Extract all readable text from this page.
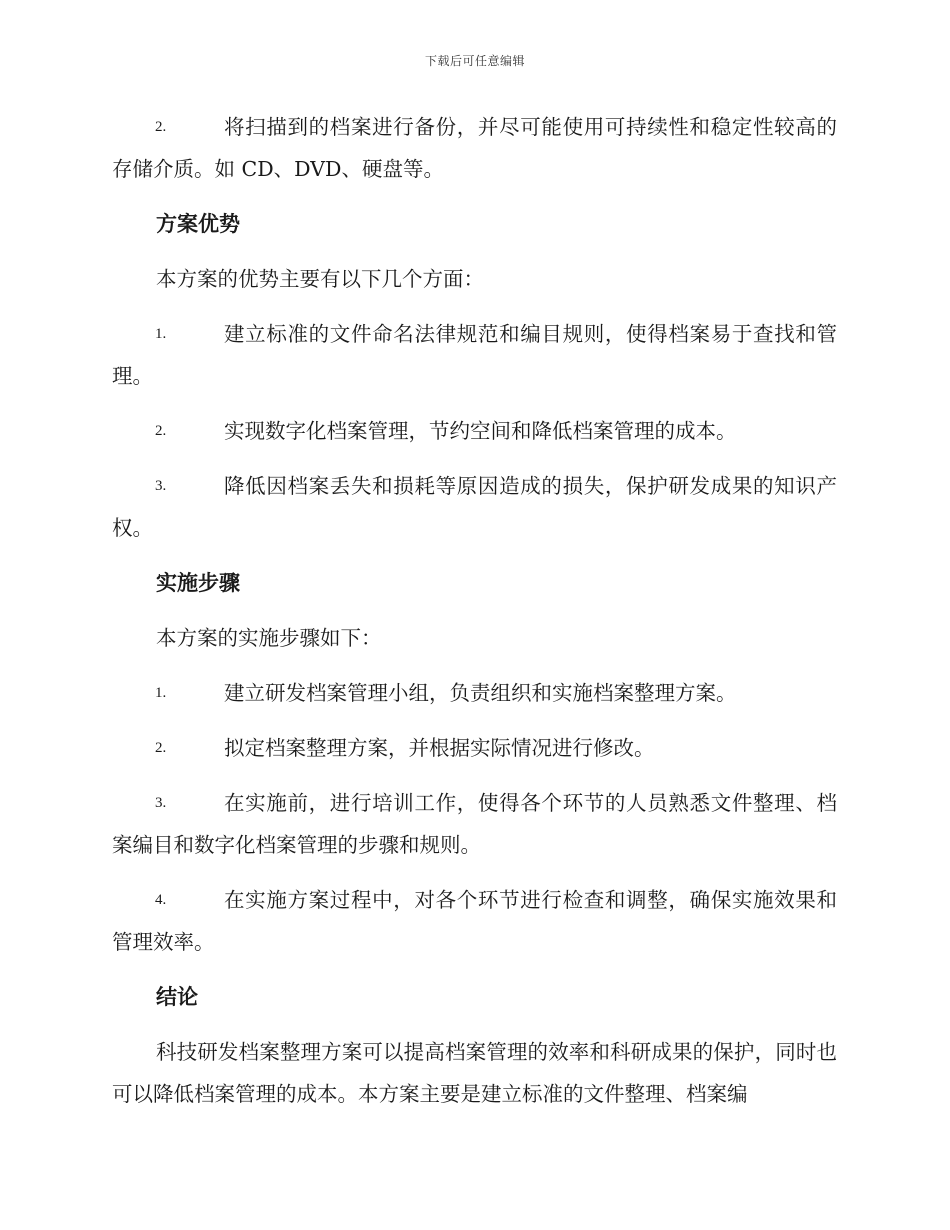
下载后可任意编辑
2.	将扫描到的档案进行备份，并尽可能使用可持续性和稳定性较高的存储介质。如 CD、DVD、硬盘等。
方案优势
本方案的优势主要有以下几个方面：
1.	建立标准的文件命名法律规范和编目规则，使得档案易于查找和管理。
2.	实现数字化档案管理，节约空间和降低档案管理的成本。
3.	降低因档案丢失和损耗等原因造成的损失，保护研发成果的知识产权。
实施步骤
本方案的实施步骤如下：
1.	建立研发档案管理小组，负责组织和实施档案整理方案。
2.	拟定档案整理方案，并根据实际情况进行修改。
3.	在实施前，进行培训工作，使得各个环节的人员熟悉文件整理、档案编目和数字化档案管理的步骤和规则。
4.	在实施方案过程中，对各个环节进行检查和调整，确保实施效果和管理效率。
结论
科技研发档案整理方案可以提高档案管理的效率和科研成果的保护，同时也可以降低档案管理的成本。本方案主要是建立标准的文件整理、档案编
